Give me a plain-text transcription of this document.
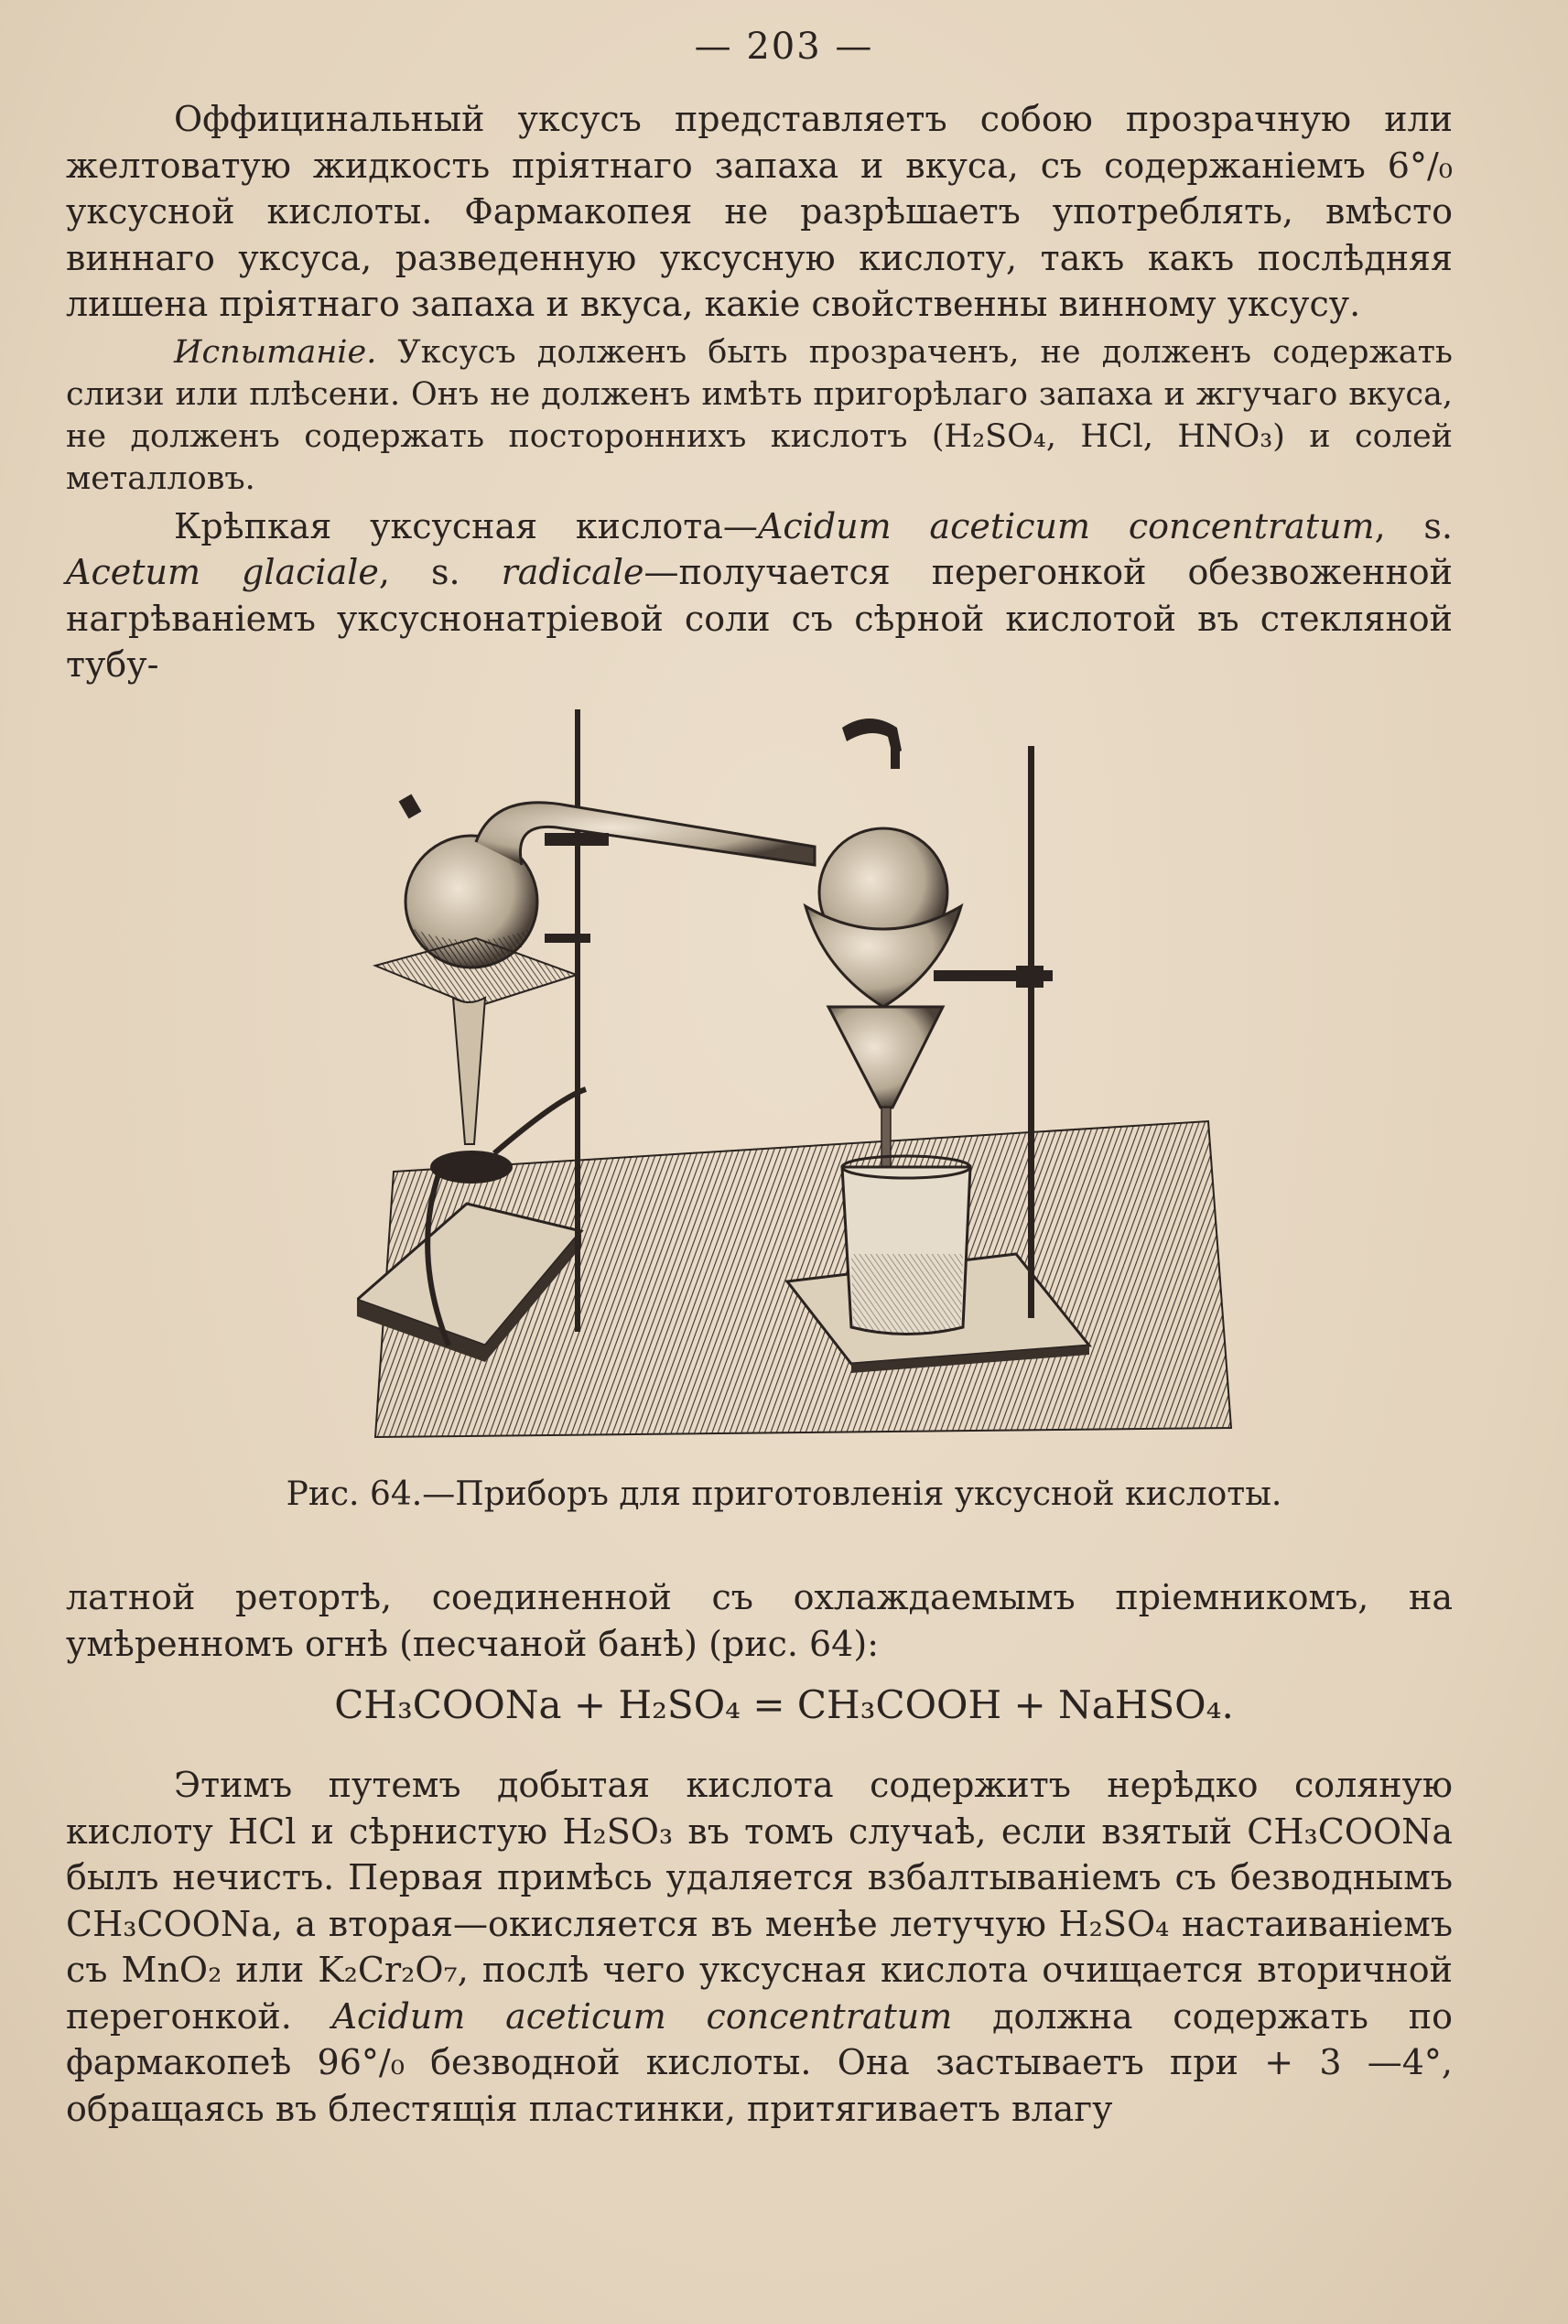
— 203 —

Оффицинальный уксусъ представляетъ собою прозрачную или желтоватую жидкость пріятнаго запаха и вкуса, съ содержаніемъ 6°/₀ уксусной кислоты. Фармакопея не разрѣшаетъ употреблять, вмѣсто виннаго уксуса, разведенную уксусную кислоту, такъ какъ послѣдняя лишена пріятнаго запаха и вкуса, какіе свойственны винному уксусу.

Испытаніе. Уксусъ долженъ быть прозраченъ, не долженъ содержать слизи или плѣсени. Онъ не долженъ имѣть пригорѣлаго запаха и жгучаго вкуса, не долженъ содержать постороннихъ кислотъ (H₂SO₄, HCl, HNO₃) и солей металловъ.

Крѣпкая уксусная кислота—Acidum aceticum concentratum, s. Acetum glaciale, s. radicale—получается перегонкой обезвоженной нагрѣваніемъ уксуснонатріевой соли съ сѣрной кислотой въ стекляной тубу-

Рис. 64.—Приборъ для приготовленія уксусной кислоты.

латной ретортѣ, соединенной съ охлаждаемымъ пріемникомъ, на умѣренномъ огнѣ (песчаной банѣ) (рис. 64):

CH₃COONa + H₂SO₄ = CH₃COOH + NaHSO₄.

Этимъ путемъ добытая кислота содержитъ нерѣдко соляную кислоту HCl и сѣрнистую H₂SO₃ въ томъ случаѣ, если взятый CH₃COONa былъ нечистъ. Первая примѣсь удаляется взбалтываніемъ съ безводнымъ CH₃COONa, а вторая—окисляется въ менѣе летучую H₂SO₄ настаиваніемъ съ MnO₂ или K₂Cr₂O₇, послѣ чего уксусная кислота очищается вторичной перегонкой. Acidum aceticum concentratum должна содержать по фармакопеѣ 96°/₀ безводной кислоты. Она застываетъ при + 3 —4°, обращаясь въ блестящія пластинки, притягиваетъ влагу
